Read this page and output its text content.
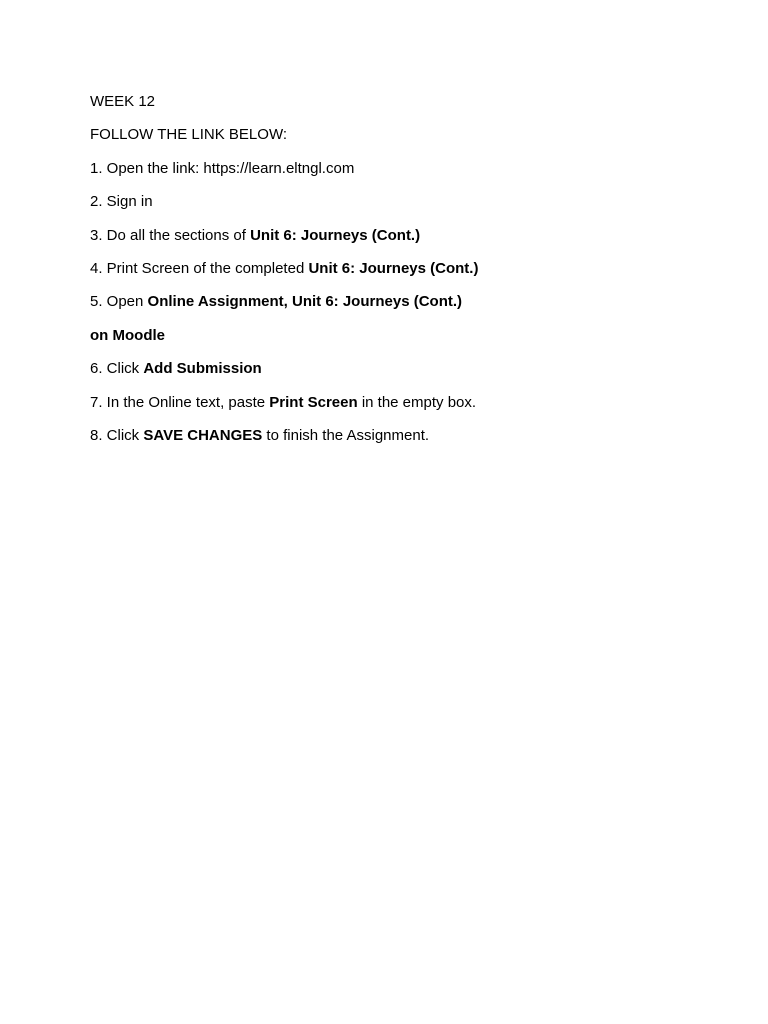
WEEK 12
FOLLOW THE LINK BELOW:
1. Open the link: https://learn.eltngl.com
2. Sign in
3. Do all the sections of Unit 6: Journeys (Cont.)
4. Print Screen of the completed Unit 6: Journeys (Cont.)
5. Open Online Assignment, Unit 6: Journeys (Cont.)
on Moodle
6. Click Add Submission
7. In the Online text, paste Print Screen in the empty box.
8. Click SAVE CHANGES to finish the Assignment.
